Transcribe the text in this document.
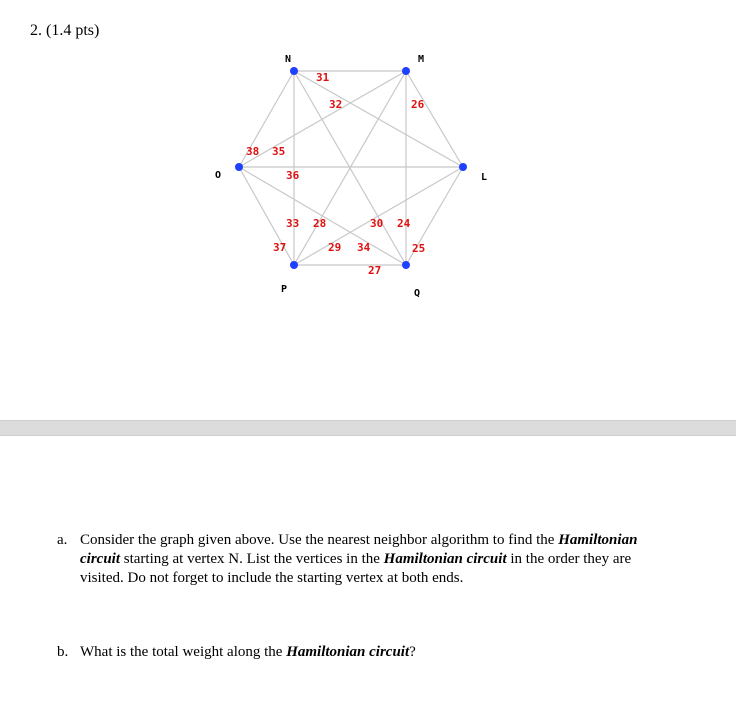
2. (1.4 pts)
31
32	26
38 35
36
33 28	30 24
37	29 34	25
27
N	M
L
Q
P
O
a. Consider the graph given above. Use the nearest neighbor algorithm to find the Hamiltonian circuit starting at vertex N. List the vertices in the Hamiltonian circuit in the order they are visited. Do not forget to include the starting vertex at both ends.
b. What is the total weight along the Hamiltonian circuit?
